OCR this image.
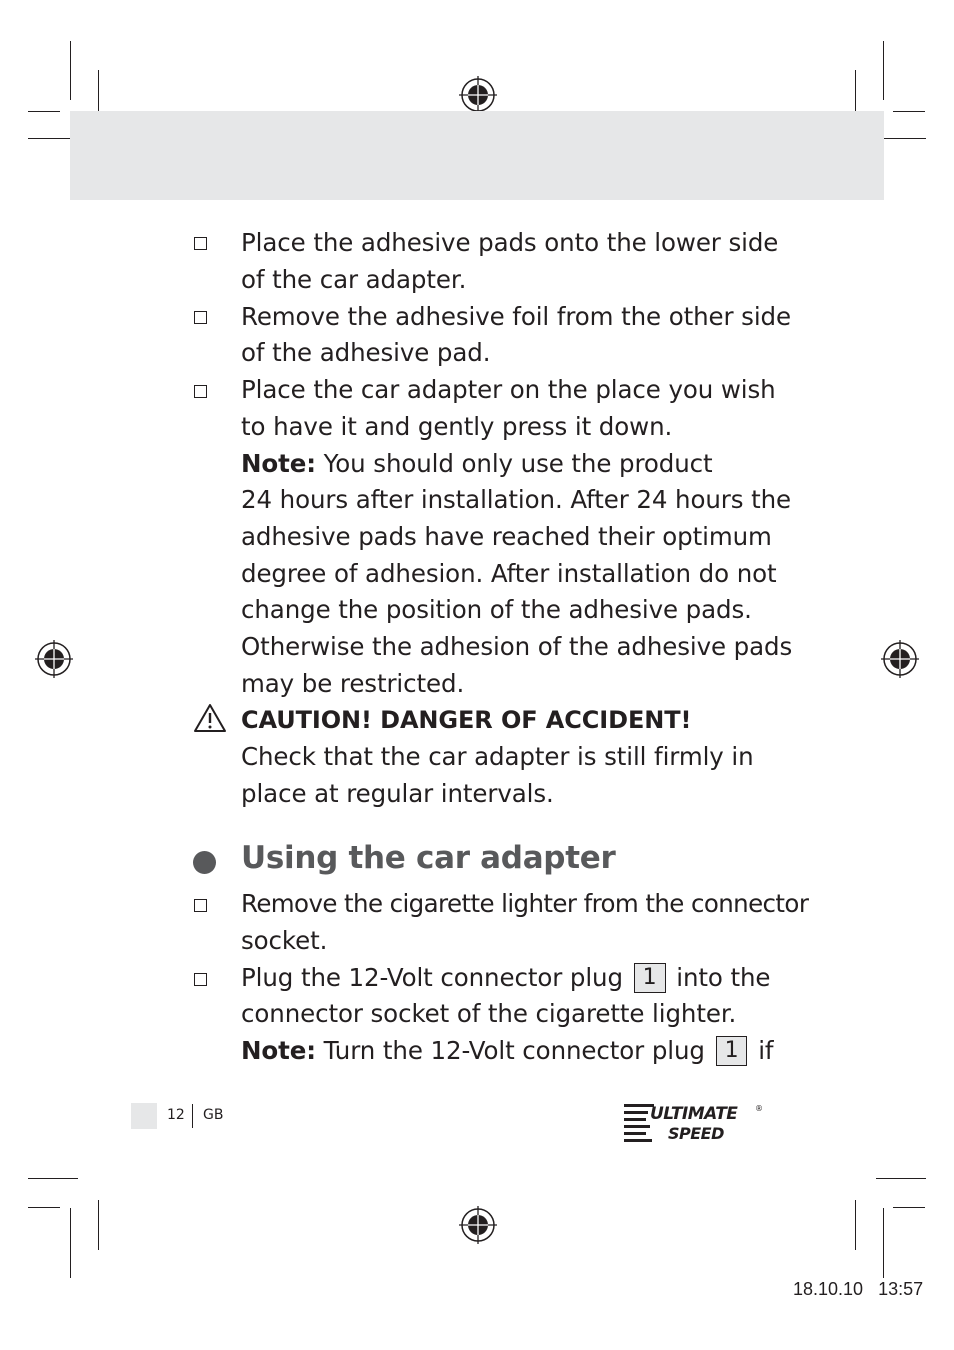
Place the adhesive pads onto the lower side
of the car adapter.
Remove the adhesive foil from the other side
of the adhesive pad.
Place the car adapter on the place you wish
to have it and gently press it down.
Note: You should only use the product
24 hours after installation. After 24 hours the
adhesive pads have reached their optimum
degree of adhesion. After installation do not
change the position of the adhesive pads.
Otherwise the adhesion of the adhesive pads
may be restricted.
CAUTION! DANGER OF ACCIDENT!
Check that the car adapter is still firmly in
place at regular intervals.
Using the car adapter
Remove the cigarette lighter from the connector
socket.
Plug the 12-Volt connector plug 1 into the
connector socket of the cigarette lighter.
Note: Turn the 12-Volt connector plug 1 if
12 GB	ULTIMATE
SPEED
®
18.10.10   13:57
